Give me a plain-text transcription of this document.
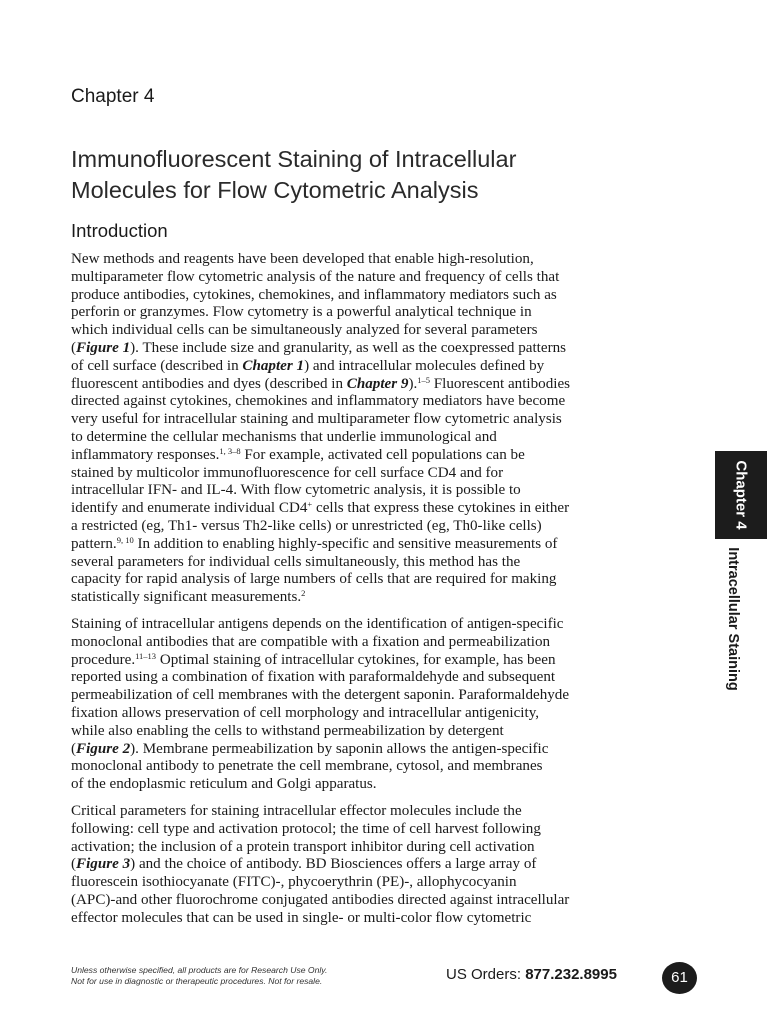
Chapter 4
Immunofluorescent Staining of Intracellular
Molecules for Flow Cytometric Analysis
Introduction

New methods and reagents have been developed that enable high-resolution,
multiparameter flow cytometric analysis of the nature and frequency of cells that
produce antibodies, cytokines, chemokines, and inflammatory mediators such as
perforin or granzymes. Flow cytometry is a powerful analytical technique in
which individual cells can be simultaneously analyzed for several parameters
(Figure 1). These include size and granularity, as well as the coexpressed patterns
of cell surface (described in Chapter 1) and intracellular molecules defined by
fluorescent antibodies and dyes (described in Chapter 9).$^{1-5}$ Fluorescent antibodies
directed against cytokines, chemokines and inflammatory mediators have become
very useful for intracellular staining and multiparameter flow cytometric analysis
to determine the cellular mechanisms that underlie immunological and
inflammatory responses.$^{1, 3-8}$ For example, activated cell populations can be
stained by multicolor immunofluorescence for cell surface CD4 and for
intracellular IFN- and IL-4. With flow cytometric analysis, it is possible to
identify and enumerate individual CD4+ cells that express these cytokines in either
a restricted (eg, Th1- versus Th2-like cells) or unrestricted (eg, Th0-like cells)
pattern.$^{9, 10}$ In addition to enabling highly-specific and sensitive measurements of
several parameters for individual cells simultaneously, this method has the
capacity for rapid analysis of large numbers of cells that are required for making
statistically significant measurements.$^2$

Staining of intracellular antigens depends on the identification of antigen-specific
monoclonal antibodies that are compatible with a fixation and permeabilization
procedure.$^{11-13}$ Optimal staining of intracellular cytokines, for example, has been
reported using a combination of fixation with paraformaldehyde and subsequent
permeabilization of cell membranes with the detergent saponin. Paraformaldehyde
fixation allows preservation of cell morphology and intracellular antigenicity,
while also enabling the cells to withstand permeabilization by detergent
(Figure 2). Membrane permeabilization by saponin allows the antigen-specific
monoclonal antibody to penetrate the cell membrane, cytosol, and membranes
of the endoplasmic reticulum and Golgi apparatus.

Critical parameters for staining intracellular effector molecules include the
following: cell type and activation protocol; the time of cell harvest following
activation; the inclusion of a protein transport inhibitor during cell activation
(Figure 3) and the choice of antibody. BD Biosciences offers a large array of
fluorescein isothiocyanate (FITC)-, phycoerythrin (PE)-, allophycocyanin
(APC)-and other fluorochrome conjugated antibodies directed against intracellular
effector molecules that can be used in single- or multi-color flow cytometric

Chapter 4
Intracellular Staining
Unless otherwise specified, all products are for Research Use Only.
Not for use in diagnostic or therapeutic procedures. Not for resale.	US Orders: 877.232.8995	61
